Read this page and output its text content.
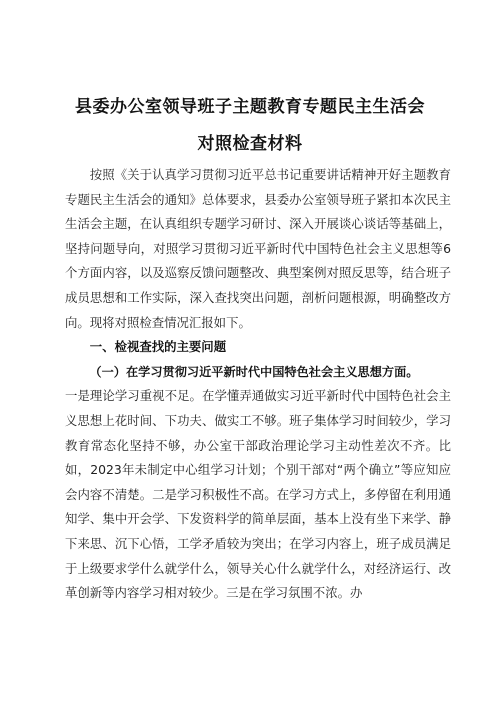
县委办公室领导班子主题教育专题民主生活会
对照检查材料

按照《关于认真学习贯彻习近平总书记重要讲话精神开好主题教育专题民主生活会的通知》总体要求，县委办公室领导班子紧扣本次民主生活会主题，在认真组织专题学习研讨、深入开展谈心谈话等基础上，坚持问题导向，对照学习贯彻习近平新时代中国特色社会主义思想等6个方面内容，以及巡察反馈问题整改、典型案例对照反思等，结合班子成员思想和工作实际，深入查找突出问题，剖析问题根源，明确整改方向。现将对照检查情况汇报如下。

一、检视查找的主要问题

（一）在学习贯彻习近平新时代中国特色社会主义思想方面。

一是理论学习重视不足。在学懂弄通做实习近平新时代中国特色社会主义思想上花时间、下功夫、做实工不够。班子集体学习时间较少，学习教育常态化坚持不够，办公室干部政治理论学习主动性差次不齐。比如，2023年未制定中心组学习计划；个别干部对“两个确立”等应知应会内容不清楚。二是学习积极性不高。在学习方式上，多停留在利用通知学、集中开会学、下发资料学的简单层面，基本上没有坐下来学、静下来思、沉下心悟，工学矛盾较为突出；在学习内容上，班子成员满足于上级要求学什么就学什么，领导关心什么就学什么，对经济运行、改革创新等内容学习相对较少。三是在学习氛围不浓。办
